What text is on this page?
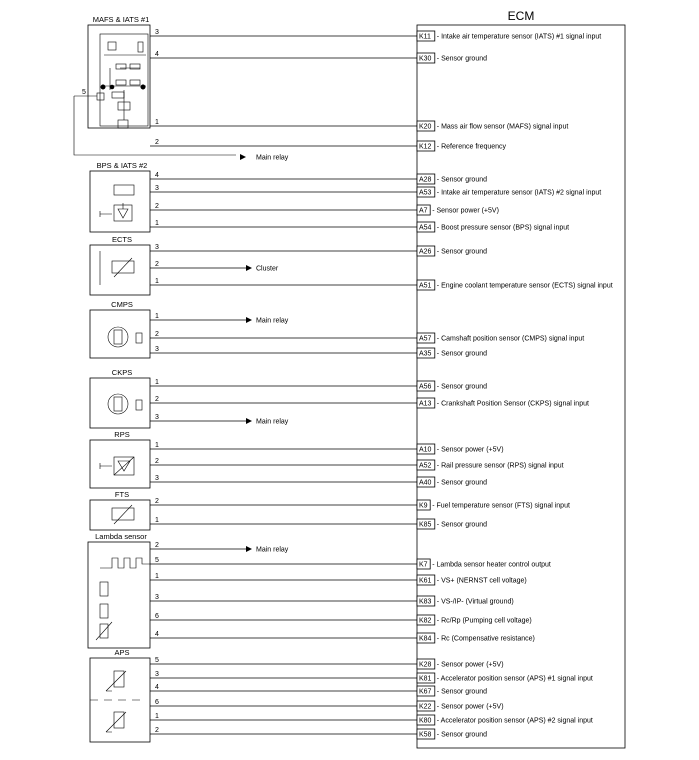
ECM
MAFS & IATS #1
3
K11 - Intake air temperature sensor (IATS) #1 signal input
4
K30 - Sensor ground
1
K20 - Mass air flow sensor (MAFS) signal input
2
K12 - Reference frequency
5
Main relay
BPS & IATS #2
4
A28 - Sensor ground
3
A53 - Intake air temperature sensor (IATS) #2 signal input
2
A7 - Sensor power (+5V)
1
A54 - Boost pressure sensor (BPS) signal input
ECTS
3
A26 - Sensor ground
1
A51 - Engine coolant temperature sensor (ECTS) signal input
2
Cluster
CMPS
2
A57 - Camshaft position sensor (CMPS) signal input
3
A35 - Sensor ground
1
Main relay
CKPS
1
A56 - Sensor ground
2
A13 - Crankshaft Position Sensor (CKPS) signal input
3
Main relay
RPS
1
A10 - Sensor power (+5V)
2
A52 - Rail pressure sensor (RPS) signal input
3
A40 - Sensor ground
FTS
2
K9 - Fuel temperature sensor (FTS) signal input
1
K85 - Sensor ground
Lambda sensor
5
K7 - Lambda sensor heater control output
1
K61 - VS+ (NERNST cell voltage)
3
K83 - VS-/IP- (Virtual ground)
6
K82 - Rc/Rp (Pumping cell voltage)
4
K84 - Rc (Compensative resistance)
2
Main relay
APS
5
K28 - Sensor power (+5V)
3
K81 - Accelerator position sensor (APS) #1 signal input
4
K67 - Sensor ground
6
K22 - Sensor power (+5V)
1
K80 - Accelerator position sensor (APS) #2 signal input
2
K58 - Sensor ground
